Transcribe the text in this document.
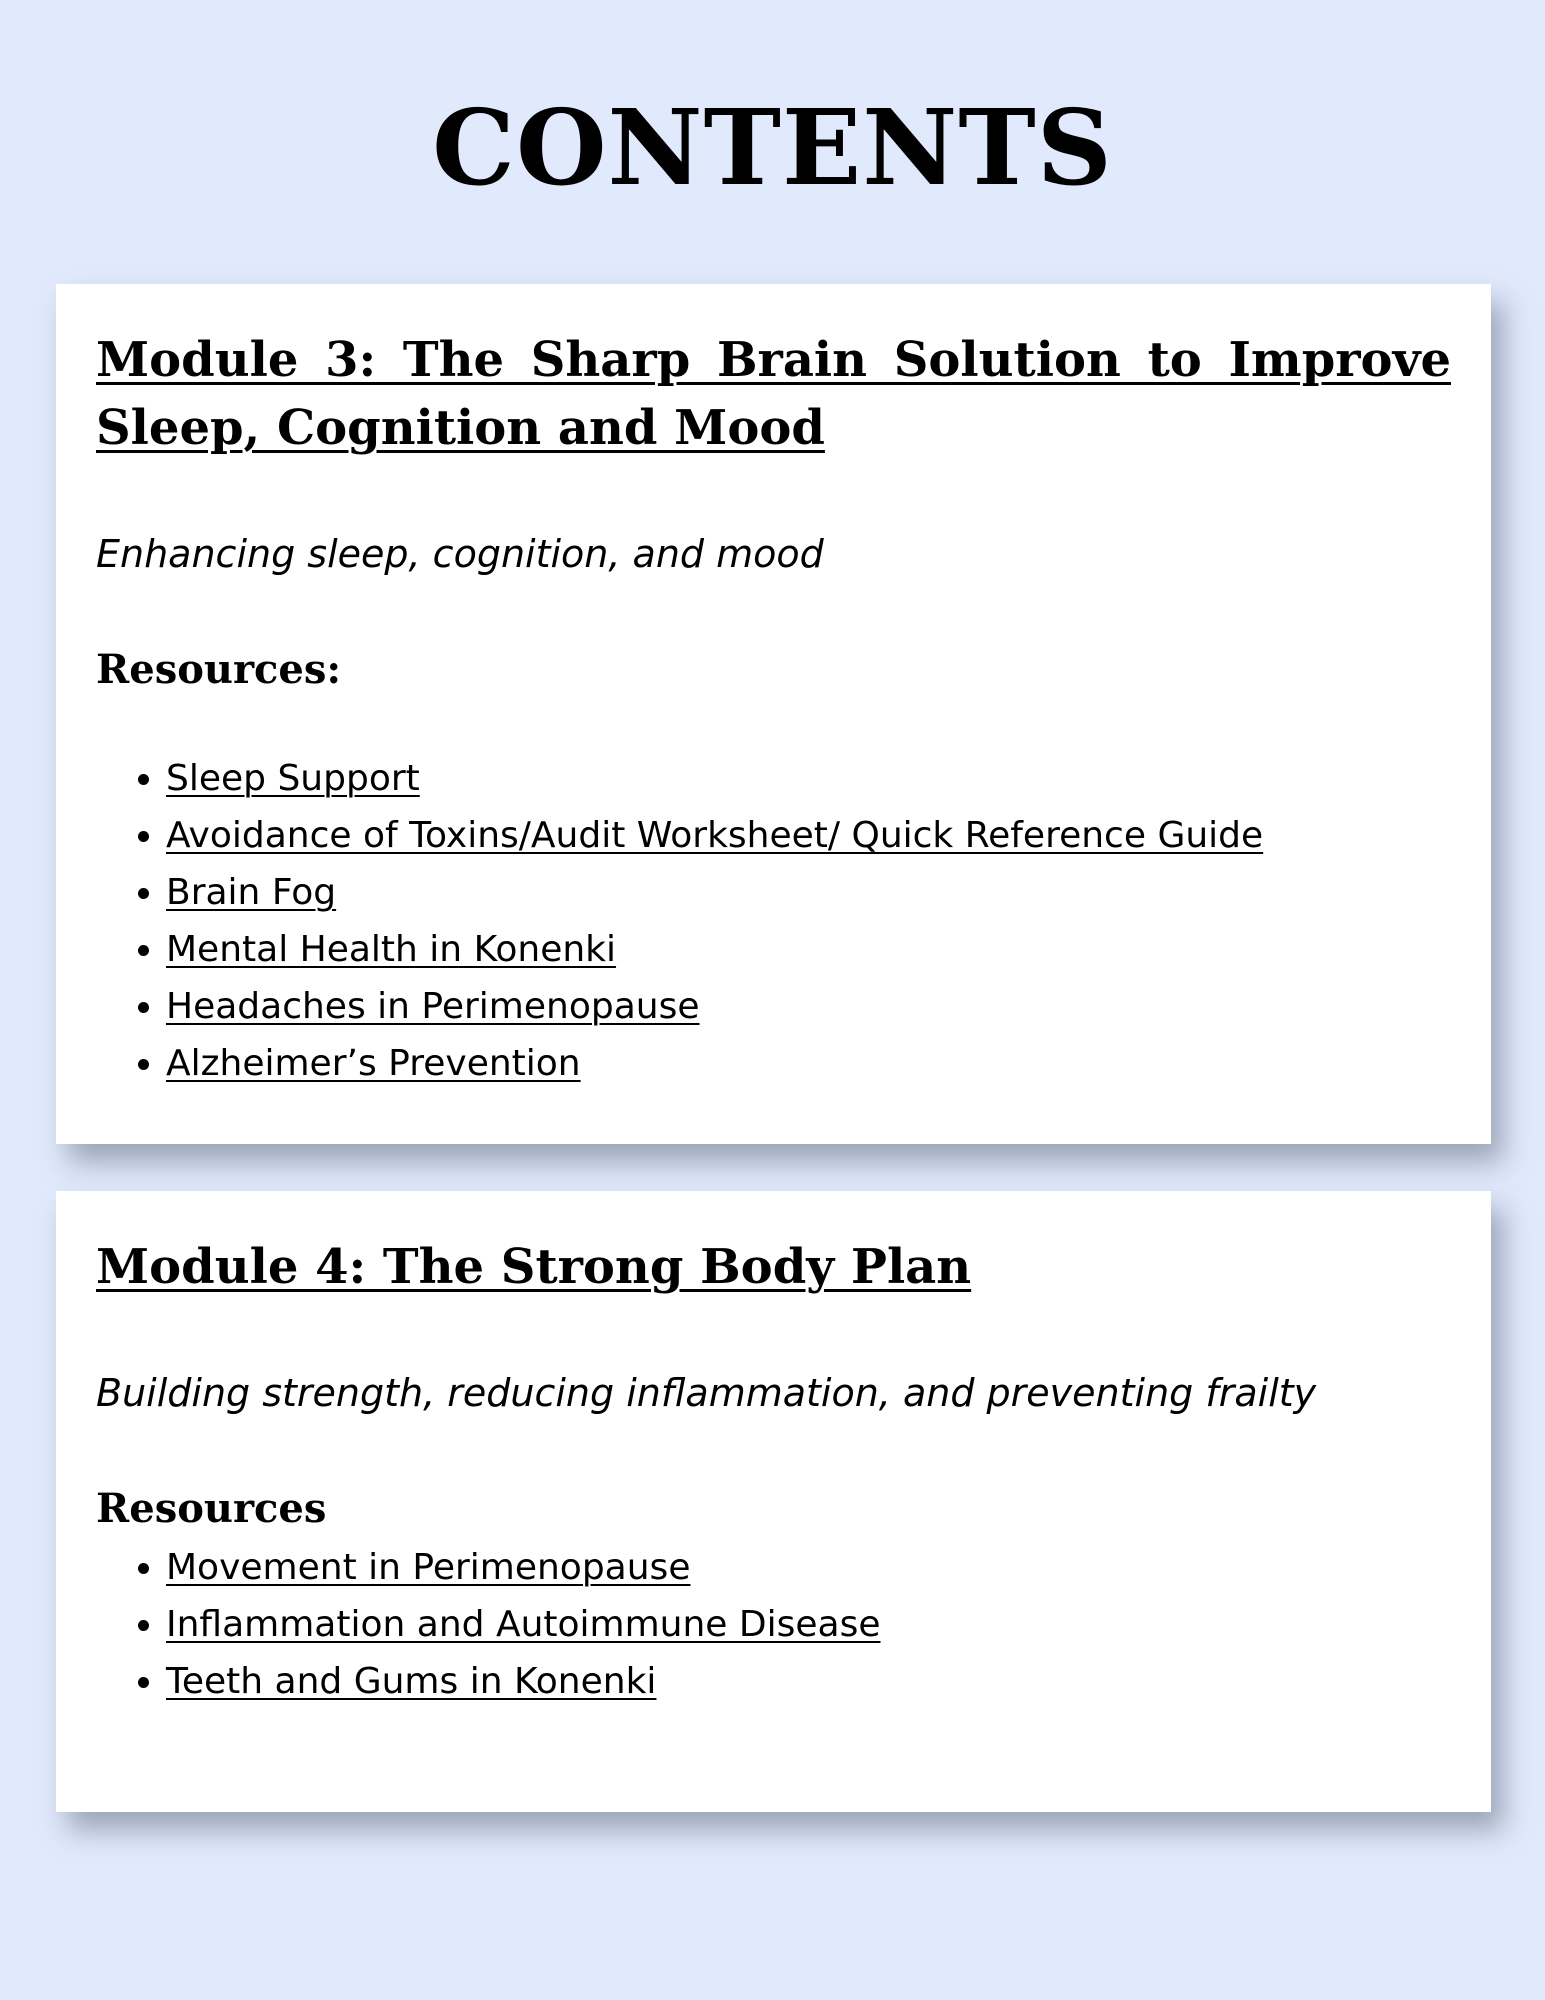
CONTENTS
Module 3: The Sharp Brain Solution to Improve Sleep, Cognition and Mood

Enhancing sleep, cognition, and mood

Resources:
• Sleep Support
• Avoidance of Toxins/Audit Worksheet/ Quick Reference Guide
• Brain Fog
• Mental Health in Konenki
• Headaches in Perimenopause
• Alzheimer’s Prevention
Module 4: The Strong Body Plan

Building strength, reducing inflammation, and preventing frailty

Resources
• Movement in Perimenopause
• Inflammation and Autoimmune Disease
• Teeth and Gums in Konenki
